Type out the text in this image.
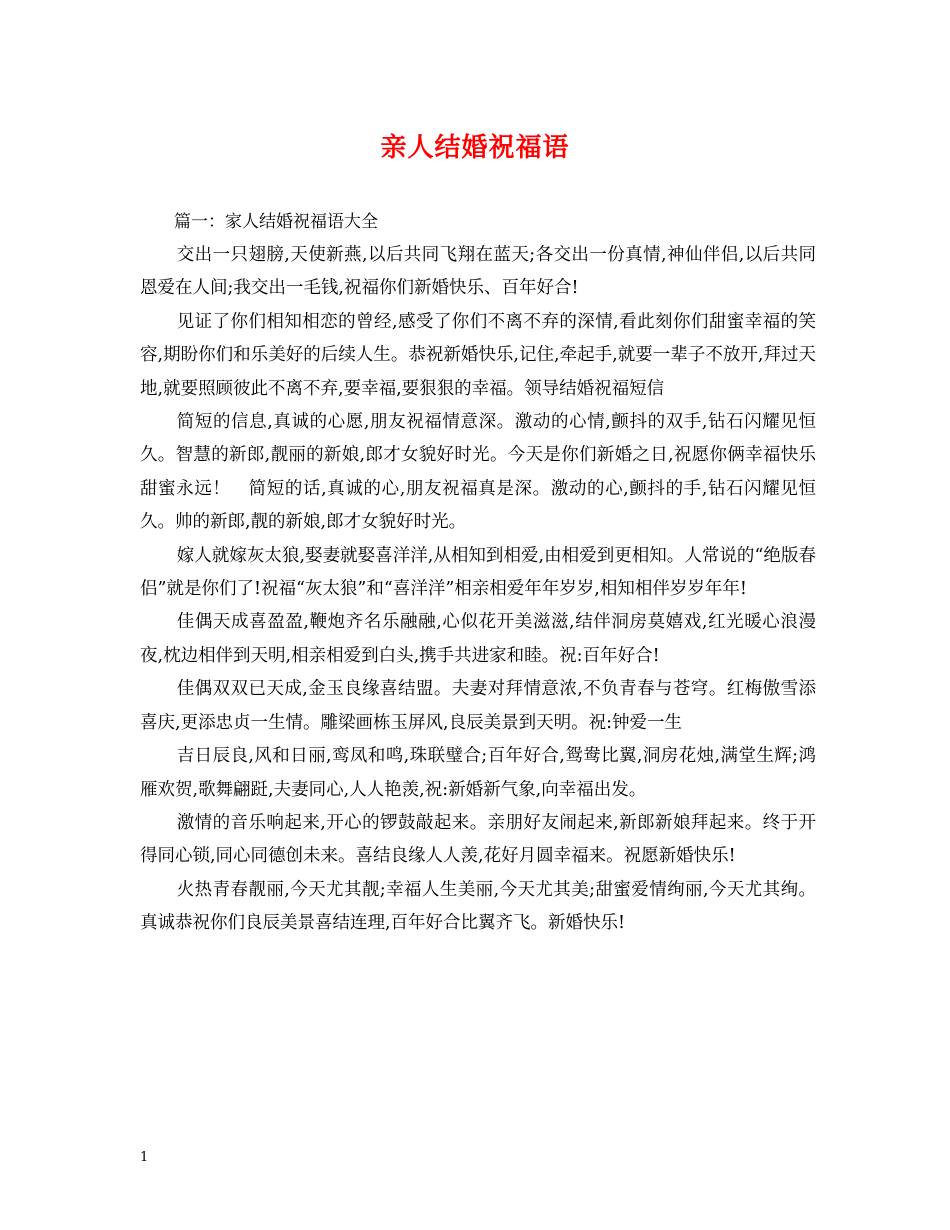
亲人结婚祝福语

篇一：家人结婚祝福语大全

交出一只翅膀,天使新燕,以后共同飞翔在蓝天;各交出一份真情,神仙伴侣,以后共同恩爱在人间;我交出一毛钱,祝福你们新婚快乐、百年好合!

见证了你们相知相恋的曾经,感受了你们不离不弃的深情,看此刻你们甜蜜幸福的笑容,期盼你们和乐美好的后续人生。恭祝新婚快乐,记住,牵起手,就要一辈子不放开,拜过天地,就要照顾彼此不离不弃,要幸福,要狠狠的幸福。领导结婚祝福短信

简短的信息,真诚的心愿,朋友祝福情意深。激动的心情,颤抖的双手,钻石闪耀见恒久。智慧的新郎,靓丽的新娘,郎才女貌好时光。今天是你们新婚之日,祝愿你俩幸福快乐甜蜜永远！　简短的话,真诚的心,朋友祝福真是深。激动的心,颤抖的手,钻石闪耀见恒久。帅的新郎,靓的新娘,郎才女貌好时光。

嫁人就嫁灰太狼,娶妻就娶喜洋洋,从相知到相爱,由相爱到更相知。人常说的“绝版春侣”就是你们了!祝福“灰太狼”和“喜洋洋”相亲相爱年年岁岁,相知相伴岁岁年年!

佳偶天成喜盈盈,鞭炮齐名乐融融,心似花开美滋滋,结伴洞房莫嬉戏,红光暖心浪漫夜,枕边相伴到天明,相亲相爱到白头,携手共进家和睦。祝:百年好合!

佳偶双双已天成,金玉良缘喜结盟。夫妻对拜情意浓,不负青春与苍穹。红梅傲雪添喜庆,更添忠贞一生情。雕梁画栋玉屏风,良辰美景到天明。祝:钟爱一生

吉日辰良,风和日丽,鸾凤和鸣,珠联璧合;百年好合,鸳鸯比翼,洞房花烛,满堂生辉;鸿雁欢贺,歌舞翩跹,夫妻同心,人人艳羡,祝:新婚新气象,向幸福出发。

激情的音乐响起来,开心的锣鼓敲起来。亲朋好友闹起来,新郎新娘拜起来。终于开得同心锁,同心同德创未来。喜结良缘人人羡,花好月圆幸福来。祝愿新婚快乐!

火热青春靓丽,今天尤其靓;幸福人生美丽,今天尤其美;甜蜜爱情绚丽,今天尤其绚。真诚恭祝你们良辰美景喜结连理,百年好合比翼齐飞。新婚快乐!

1
